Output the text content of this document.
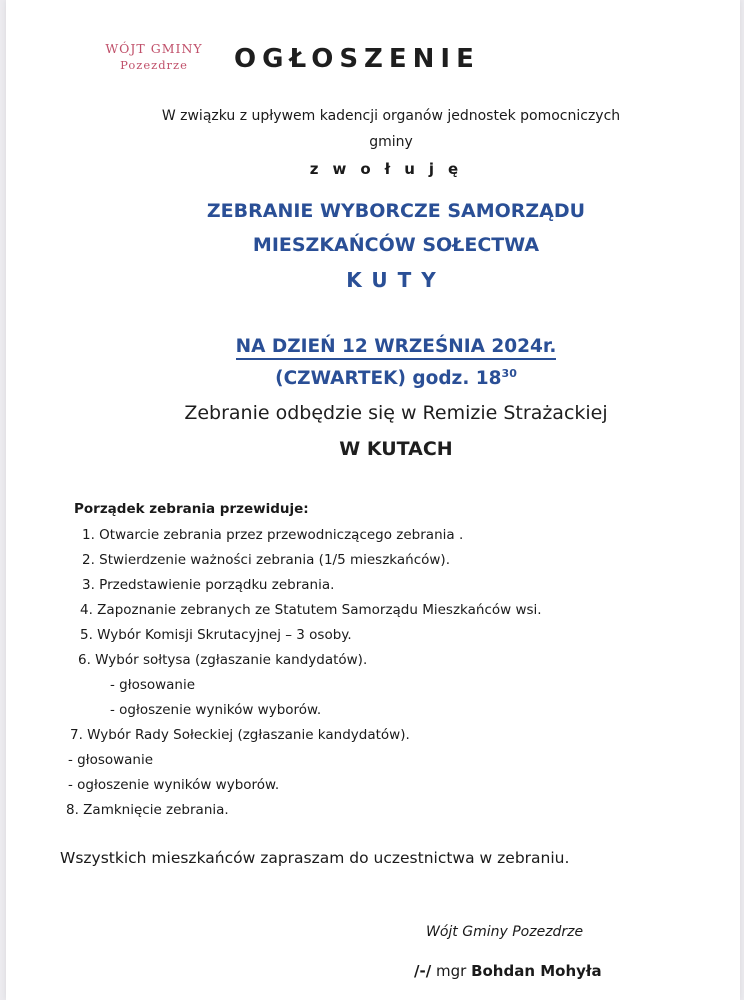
WÓJT GMINY
Pozezdrze	OGŁOSZENIE
W związku z upływem kadencji organów jednostek pomocniczych
gminy
zwołuję
ZEBRANIE WYBORCZE SAMORZĄDU
MIESZKAŃCÓW SOŁECTWA
KUTY
NA DZIEŃ 12 WRZEŚNIA 2024r.
(CZWARTEK) godz. $18^{30}$
Zebranie odbędzie się w Remizie Strażackiej
W KUTACH
Porządek zebrania przewiduje:
1. Otwarcie zebrania przez przewodniczącego zebrania .
2. Stwierdzenie ważności zebrania (1/5 mieszkańców).
3. Przedstawienie porządku zebrania.
4. Zapoznanie zebranych ze Statutem Samorządu Mieszkańców wsi.
5. Wybór Komisji Skrutacyjnej – 3 osoby.
6. Wybór sołtysa (zgłaszanie kandydatów).
- głosowanie
- ogłoszenie wyników wyborów.
7. Wybór Rady Sołeckiej (zgłaszanie kandydatów).
- głosowanie
- ogłoszenie wyników wyborów.
8. Zamknięcie zebrania.
Wszystkich mieszkańców zapraszam do uczestnictwa w zebraniu.
Wójt Gminy Pozezdrze
/-/ mgr Bohdan Mohyła
